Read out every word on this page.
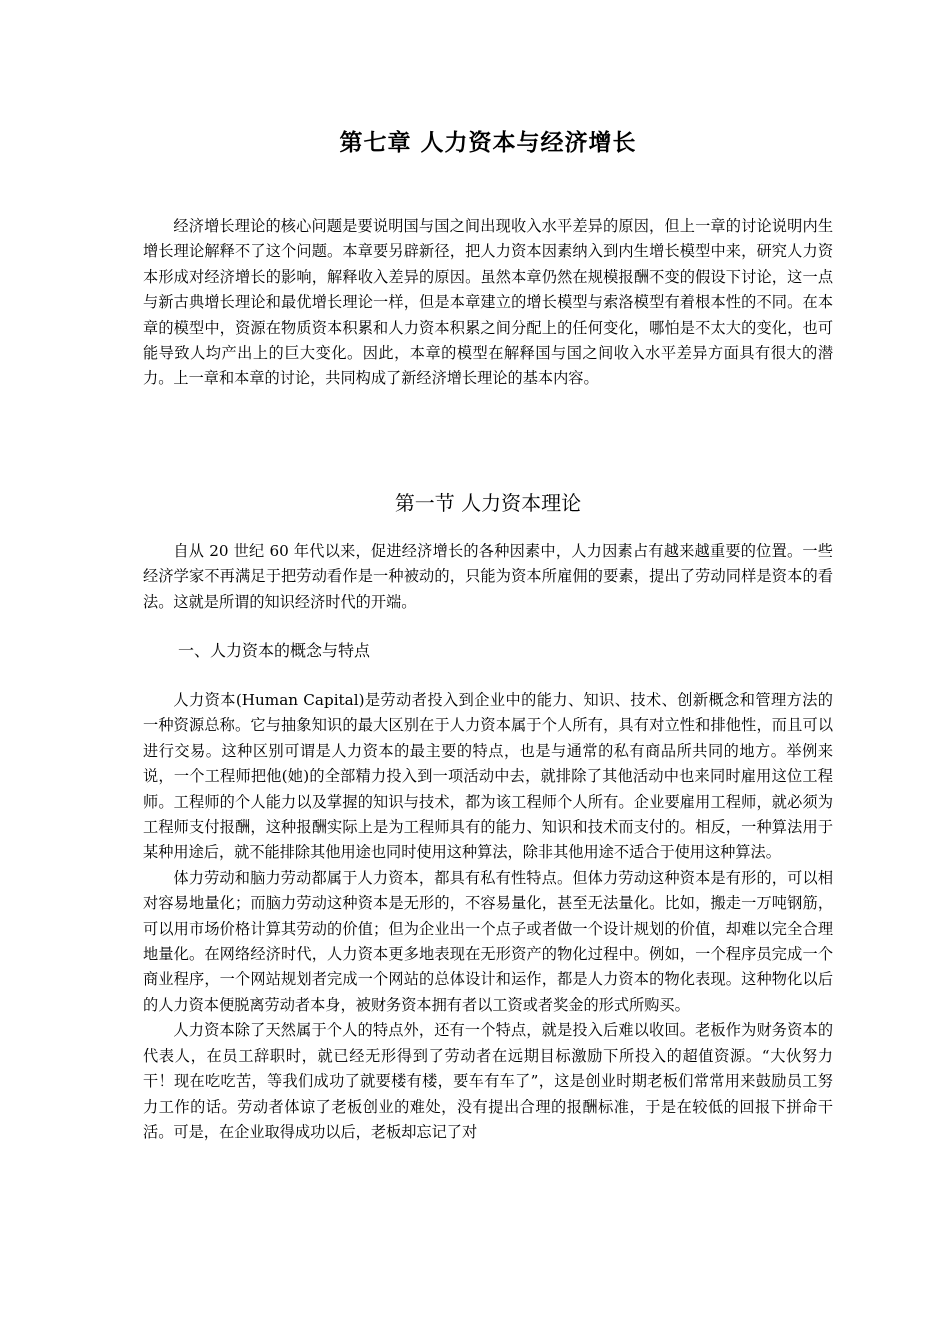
第七章 人力资本与经济增长

经济增长理论的核心问题是要说明国与国之间出现收入水平差异的原因，但上一章的讨论说明内生增长理论解释不了这个问题。本章要另辟新径，把人力资本因素纳入到内生增长模型中来，研究人力资本形成对经济增长的影响，解释收入差异的原因。虽然本章仍然在规模报酬不变的假设下讨论，这一点与新古典增长理论和最优增长理论一样，但是本章建立的增长模型与索洛模型有着根本性的不同。在本章的模型中，资源在物质资本积累和人力资本积累之间分配上的任何变化，哪怕是不太大的变化，也可能导致人均产出上的巨大变化。因此，本章的模型在解释国与国之间收入水平差异方面具有很大的潜力。上一章和本章的讨论，共同构成了新经济增长理论的基本内容。

第一节 人力资本理论

自从 20 世纪 60 年代以来，促进经济增长的各种因素中，人力因素占有越来越重要的位置。一些经济学家不再满足于把劳动看作是一种被动的，只能为资本所雇佣的要素，提出了劳动同样是资本的看法。这就是所谓的知识经济时代的开端。

一、人力资本的概念与特点

人力资本(Human Capital)是劳动者投入到企业中的能力、知识、技术、创新概念和管理方法的一种资源总称。它与抽象知识的最大区别在于人力资本属于个人所有，具有对立性和排他性，而且可以进行交易。这种区别可谓是人力资本的最主要的特点，也是与通常的私有商品所共同的地方。举例来说，一个工程师把他(她)的全部精力投入到一项活动中去，就排除了其他活动中也来同时雇用这位工程师。工程师的个人能力以及掌握的知识与技术，都为该工程师个人所有。企业要雇用工程师，就必须为工程师支付报酬，这种报酬实际上是为工程师具有的能力、知识和技术而支付的。相反，一种算法用于某种用途后，就不能排除其他用途也同时使用这种算法，除非其他用途不适合于使用这种算法。

体力劳动和脑力劳动都属于人力资本，都具有私有性特点。但体力劳动这种资本是有形的，可以相对容易地量化；而脑力劳动这种资本是无形的，不容易量化，甚至无法量化。比如，搬走一万吨钢筋，可以用市场价格计算其劳动的价值；但为企业出一个点子或者做一个设计规划的价值，却难以完全合理地量化。在网络经济时代，人力资本更多地表现在无形资产的物化过程中。例如，一个程序员完成一个商业程序，一个网站规划者完成一个网站的总体设计和运作，都是人力资本的物化表现。这种物化以后的人力资本便脱离劳动者本身，被财务资本拥有者以工资或者奖金的形式所购买。

人力资本除了天然属于个人的特点外，还有一个特点，就是投入后难以收回。老板作为财务资本的代表人，在员工辞职时，就已经无形得到了劳动者在远期目标激励下所投入的超值资源。“大伙努力干！现在吃吃苦，等我们成功了就要楼有楼，要车有车了”，这是创业时期老板们常常用来鼓励员工努力工作的话。劳动者体谅了老板创业的难处，没有提出合理的报酬标准，于是在较低的回报下拼命干活。可是，在企业取得成功以后，老板却忘记了对
